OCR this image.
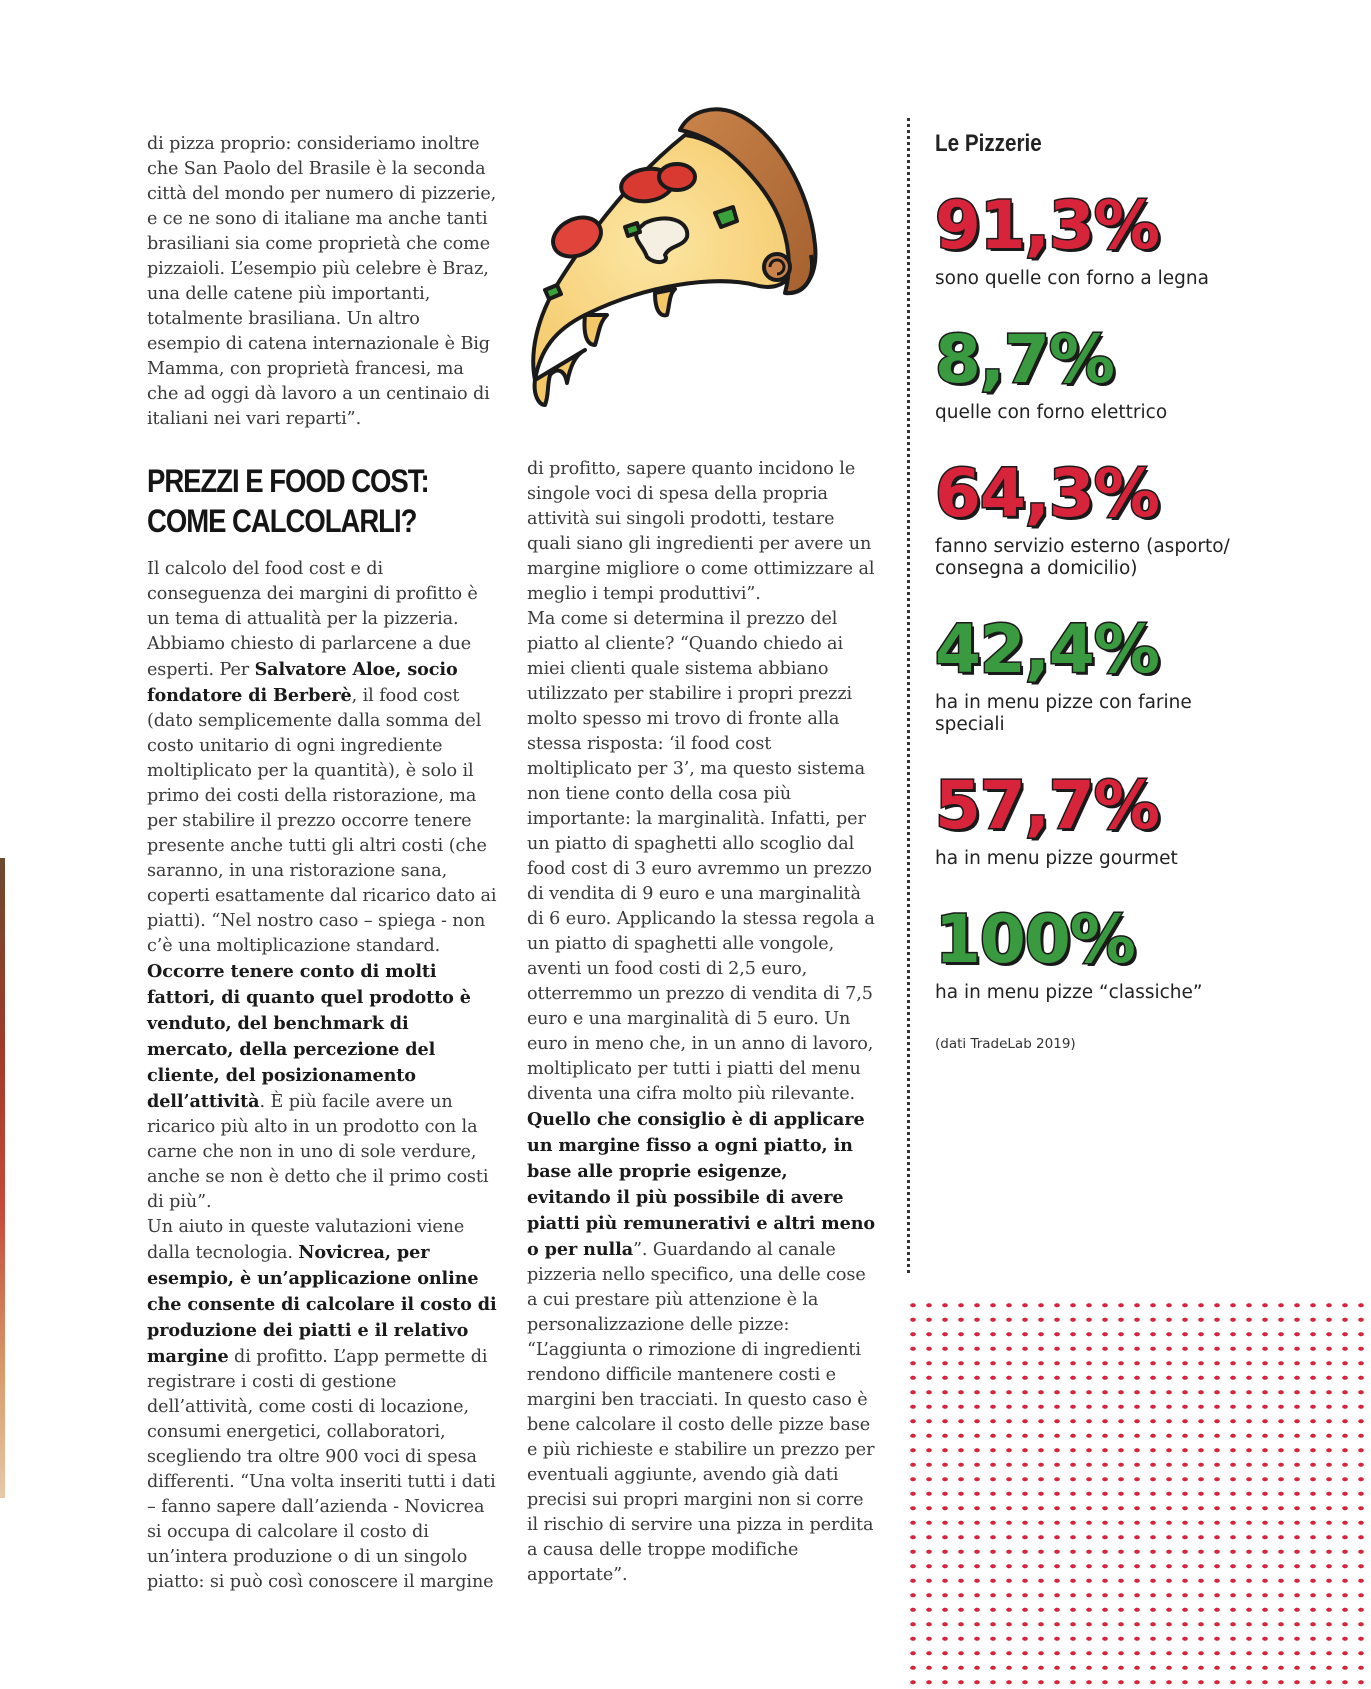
di pizza proprio: consideriamo inoltre che San Paolo del Brasile è la seconda città del mondo per numero di pizzerie, e ce ne sono di italiane ma anche tanti brasiliani sia come proprietà che come pizzaioli. L’esempio più celebre è Braz, una delle catene più importanti, totalmente brasiliana. Un altro esempio di catena internazionale è Big Mamma, con proprietà francesi, ma che ad oggi dà lavoro a un centinaio di italiani nei vari reparti”.

PREZZI E FOOD COST: COME CALCOLARLI?

Il calcolo del food cost e di conseguenza dei margini di profitto è un tema di attualità per la pizzeria. Abbiamo chiesto di parlarcene a due esperti. Per Salvatore Aloe, socio fondatore di Berberè, il food cost (dato semplicemente dalla somma del costo unitario di ogni ingrediente moltiplicato per la quantità), è solo il primo dei costi della ristorazione, ma per stabilire il prezzo occorre tenere presente anche tutti gli altri costi (che saranno, in una ristorazione sana, coperti esattamente dal ricarico dato ai piatti). “Nel nostro caso – spiega - non c’è una moltiplicazione standard. Occorre tenere conto di molti fattori, di quanto quel prodotto è venduto, del benchmark di mercato, della percezione del cliente, del posizionamento dell’attività. È più facile avere un ricarico più alto in un prodotto con la carne che non in uno di sole verdure, anche se non è detto che il primo costi di più”.

Un aiuto in queste valutazioni viene dalla tecnologia. Novicrea, per esempio, è un’applicazione online che consente di calcolare il costo di produzione dei piatti e il relativo margine di profitto. L’app permette di registrare i costi di gestione dell’attività, come costi di locazione, consumi energetici, collaboratori, scegliendo tra oltre 900 voci di spesa differenti. “Una volta inseriti tutti i dati – fanno sapere dall’azienda - Novicrea si occupa di calcolare il costo di un’intera produzione o di un singolo piatto: si può così conoscere il margine

di profitto, sapere quanto incidono le singole voci di spesa della propria attività sui singoli prodotti, testare quali siano gli ingredienti per avere un margine migliore o come ottimizzare al meglio i tempi produttivi”.

Ma come si determina il prezzo del piatto al cliente? “Quando chiedo ai miei clienti quale sistema abbiano utilizzato per stabilire i propri prezzi molto spesso mi trovo di fronte alla stessa risposta: ‘il food cost moltiplicato per 3’, ma questo sistema non tiene conto della cosa più importante: la marginalità. Infatti, per un piatto di spaghetti allo scoglio dal food cost di 3 euro avremmo un prezzo di vendita di 9 euro e una marginalità di 6 euro. Applicando la stessa regola a un piatto di spaghetti alle vongole, aventi un food costi di 2,5 euro, otterremmo un prezzo di vendita di 7,5 euro e una marginalità di 5 euro. Un euro in meno che, in un anno di lavoro, moltiplicato per tutti i piatti del menu diventa una cifra molto più rilevante. Quello che consiglio è di applicare un margine fisso a ogni piatto, in base alle proprie esigenze, evitando il più possibile di avere piatti più remunerativi e altri meno o per nulla”. Guardando al canale pizzeria nello specifico, una delle cose a cui prestare più attenzione è la personalizzazione delle pizze: “L’aggiunta o rimozione di ingredienti rendono difficile mantenere costi e margini ben tracciati. In questo caso è bene calcolare il costo delle pizze base e più richieste e stabilire un prezzo per eventuali aggiunte, avendo già dati precisi sui propri margini non si corre il rischio di servire una pizza in perdita a causa delle troppe modifiche apportate”.

Le Pizzerie
91,3%
sono quelle con forno a legna
8,7%
quelle con forno elettrico
64,3%
fanno servizio esterno (asporto/ consegna a domicilio)
42,4%
ha in menu pizze con farine speciali
57,7%
ha in menu pizze gourmet
100%
ha in menu pizze “classiche”
(dati TradeLab 2019)
